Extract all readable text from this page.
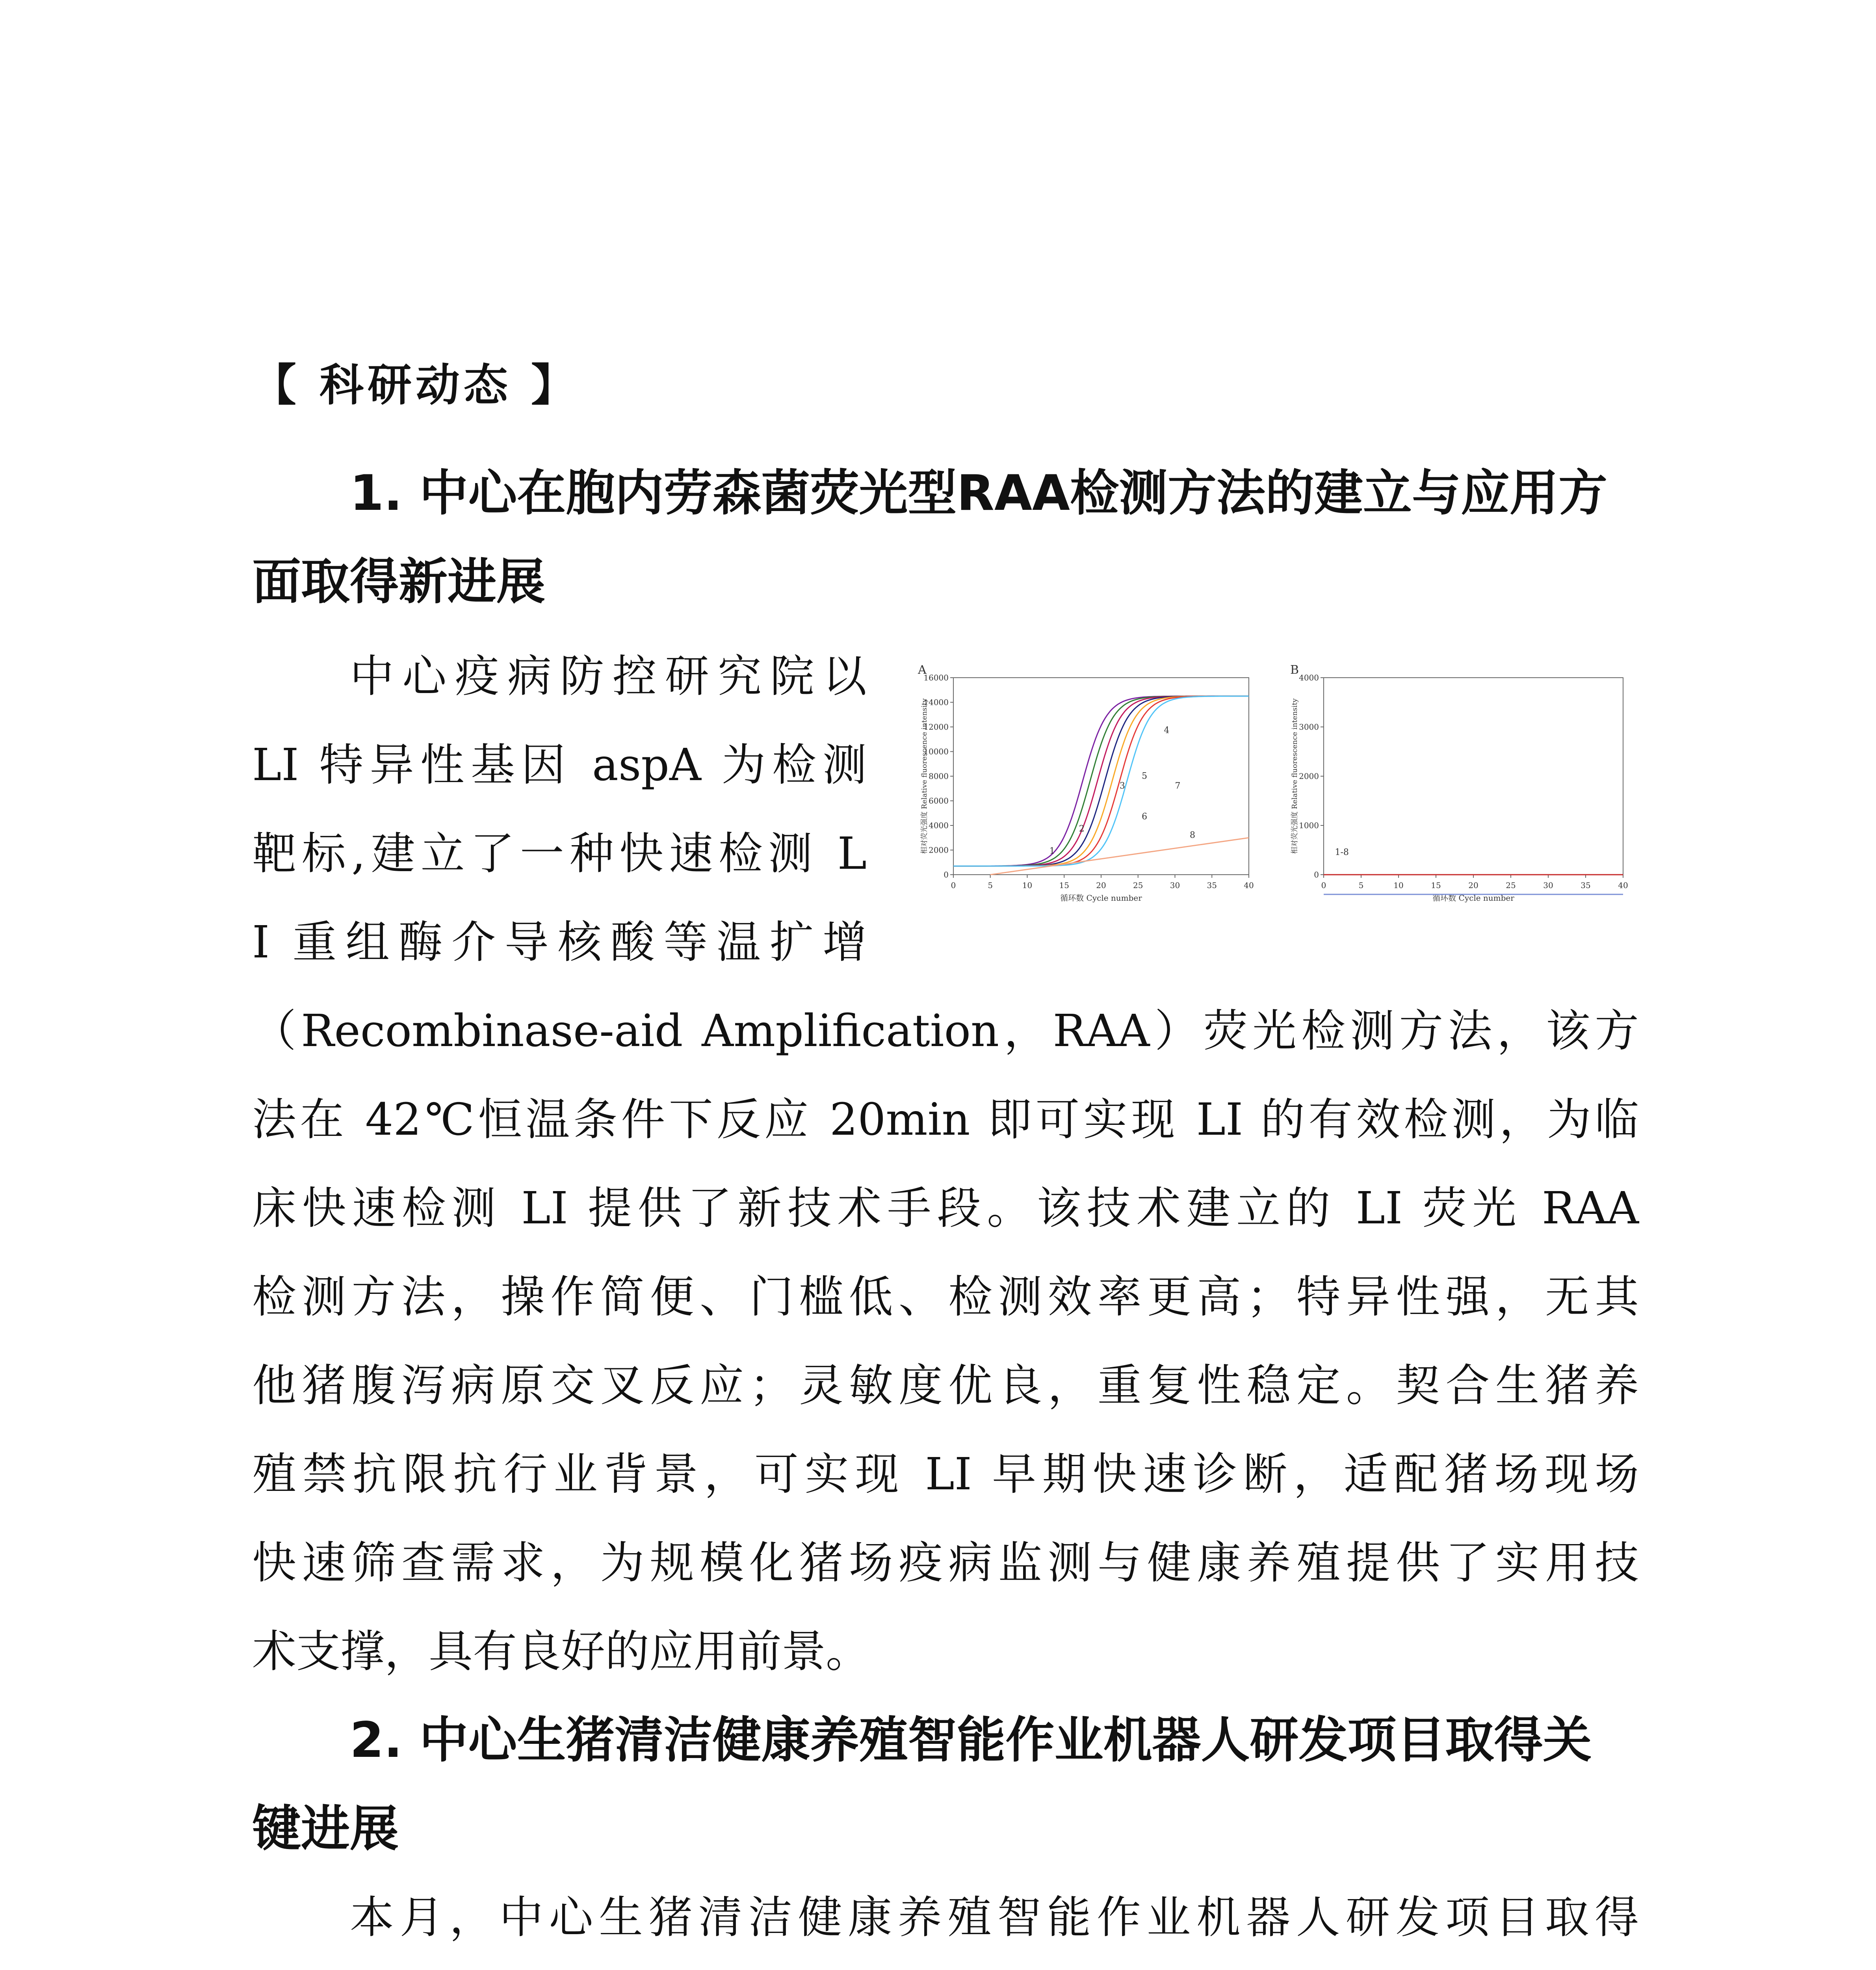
【 科研动态 】
1. 中心在胞内劳森菌荧光型RAA检测方法的建立与应用方
面取得新进展
中心疫病防控研究院以
LI 特异性基因 aspA 为检测
靶标,建立了一种快速检测 L
I 重组酶介导核酸等温扩增
A
0
2000
4000
6000
8000
10000
12000
14000
16000
0	5	10	15	20	25	30	35	40
循环数 Cycle number
相对荧光强度 Relative fluorescence intensity	1
2
3
4
5
6
7
8
B
0
1000
2000
3000
4000
0	5	10	15	20	25	30	35	40
循环数 Cycle number
相对荧光强度 Relative fluorescence intensity	1-8
（Recombinase-aid Amplification，RAA）荧光检测方法，该方
法在 42℃恒温条件下反应 20min 即可实现 LI 的有效检测，为临
床快速检测 LI 提供了新技术手段。该技术建立的 LI 荧光 RAA
检测方法，操作简便、门槛低、检测效率更高；特异性强，无其
他猪腹泻病原交叉反应；灵敏度优良，重复性稳定。契合生猪养
殖禁抗限抗行业背景，可实现 LI 早期快速诊断，适配猪场现场
快速筛查需求，为规模化猪场疫病监测与健康养殖提供了实用技
术支撑，具有良好的应用前景。
2. 中心生猪清洁健康养殖智能作业机器人研发项目取得关
键进展
本月，中心生猪清洁健康养殖智能作业机器人研发项目取得
